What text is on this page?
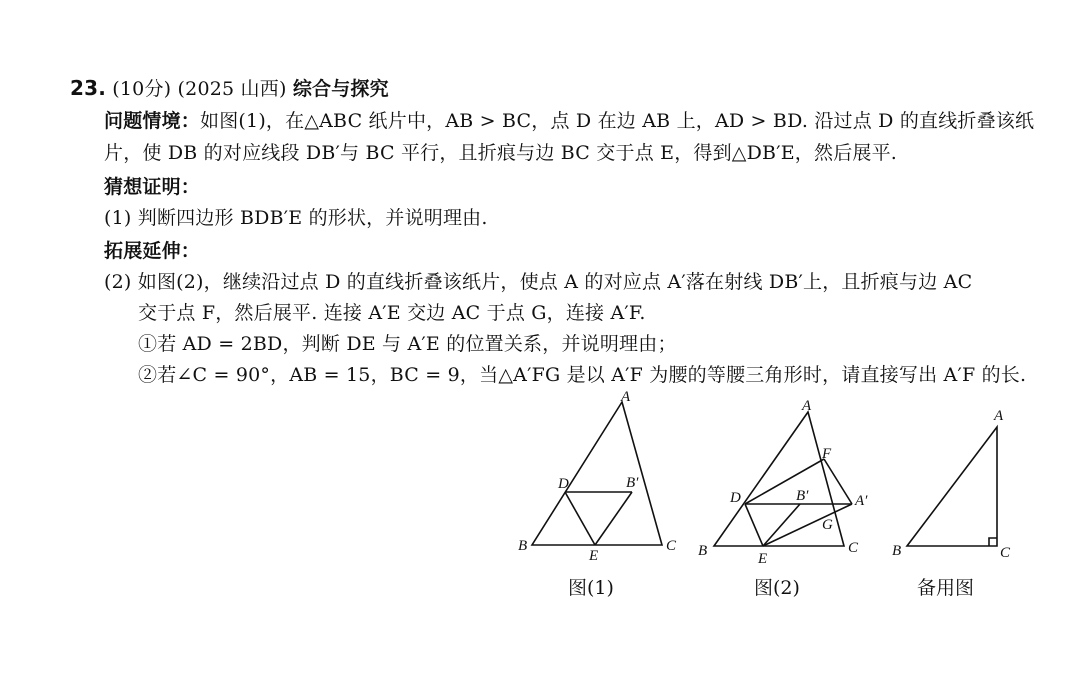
23. (10分) (2025 山西) 综合与探究
问题情境：如图(1)，在△ABC 纸片中，AB > BC，点 D 在边 AB 上，AD > BD. 沿过点 D 的直线折叠该纸
片，使 DB 的对应线段 DB′与 BC 平行，且折痕与边 BC 交于点 E，得到△DB′E，然后展平.
猜想证明：
(1) 判断四边形 BDB′E 的形状，并说明理由.
拓展延伸：
(2) 如图(2)，继续沿过点 D 的直线折叠该纸片，使点 A 的对应点 A′落在射线 DB′上，且折痕与边 AC
交于点 F，然后展平. 连接 A′E 交边 AC 于点 G，连接 A′F.
①若 AD = 2BD，判断 DE 与 A′E 的位置关系，并说明理由；
②若∠C = 90°，AB = 15，BC = 9，当△A′FG 是以 A′F 为腰的等腰三角形时，请直接写出 A′F 的长.
A
B	C
D
E
B′
图(1)
A
B	C
D
E
F
G
B′	A′
图(2)
A
B	C
备用图
